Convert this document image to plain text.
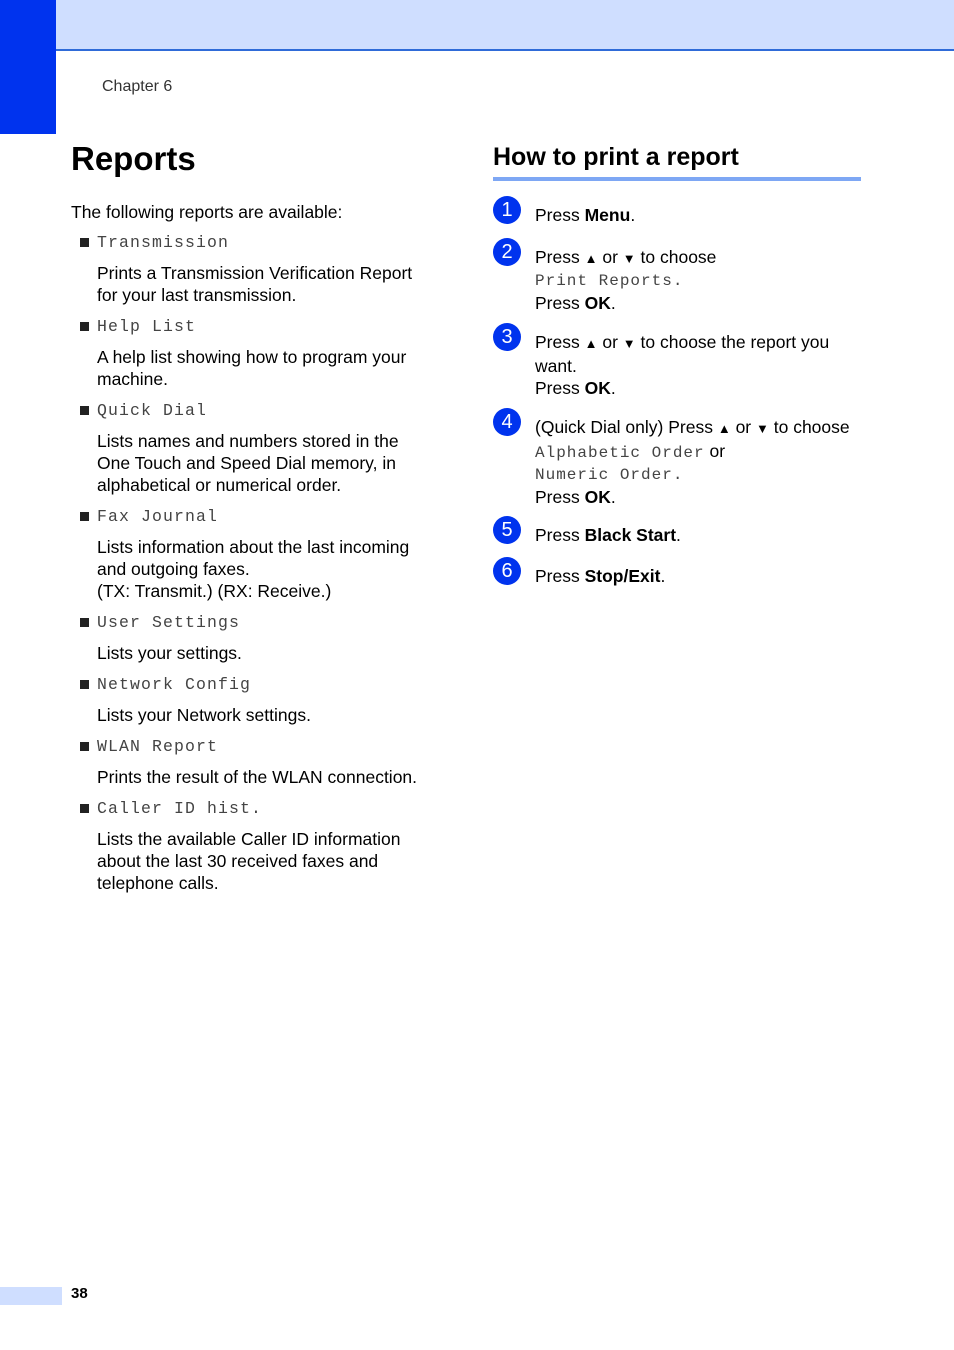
Chapter 6
Reports
The following reports are available:
Transmission
Prints a Transmission Verification Report
for your last transmission.
Help List
A help list showing how to program your
machine.
Quick Dial
Lists names and numbers stored in the
One Touch and Speed Dial memory, in
alphabetical or numerical order.
Fax Journal
Lists information about the last incoming
and outgoing faxes.
(TX: Transmit.) (RX: Receive.)
User Settings
Lists your settings.
Network Config
Lists your Network settings.
WLAN Report
Prints the result of the WLAN connection.
Caller ID hist.
Lists the available Caller ID information
about the last 30 received faxes and
telephone calls.
How to print a report
1	Press Menu.
2	Press ▲ or ▼ to choose
Print Reports.
Press OK.
3	Press ▲ or ▼ to choose the report you
want.
Press OK.
4	(Quick Dial only) Press ▲ or ▼ to choose
Alphabetic Order or
Numeric Order.
Press OK.
5	Press Black Start.
6	Press Stop/Exit.
38
